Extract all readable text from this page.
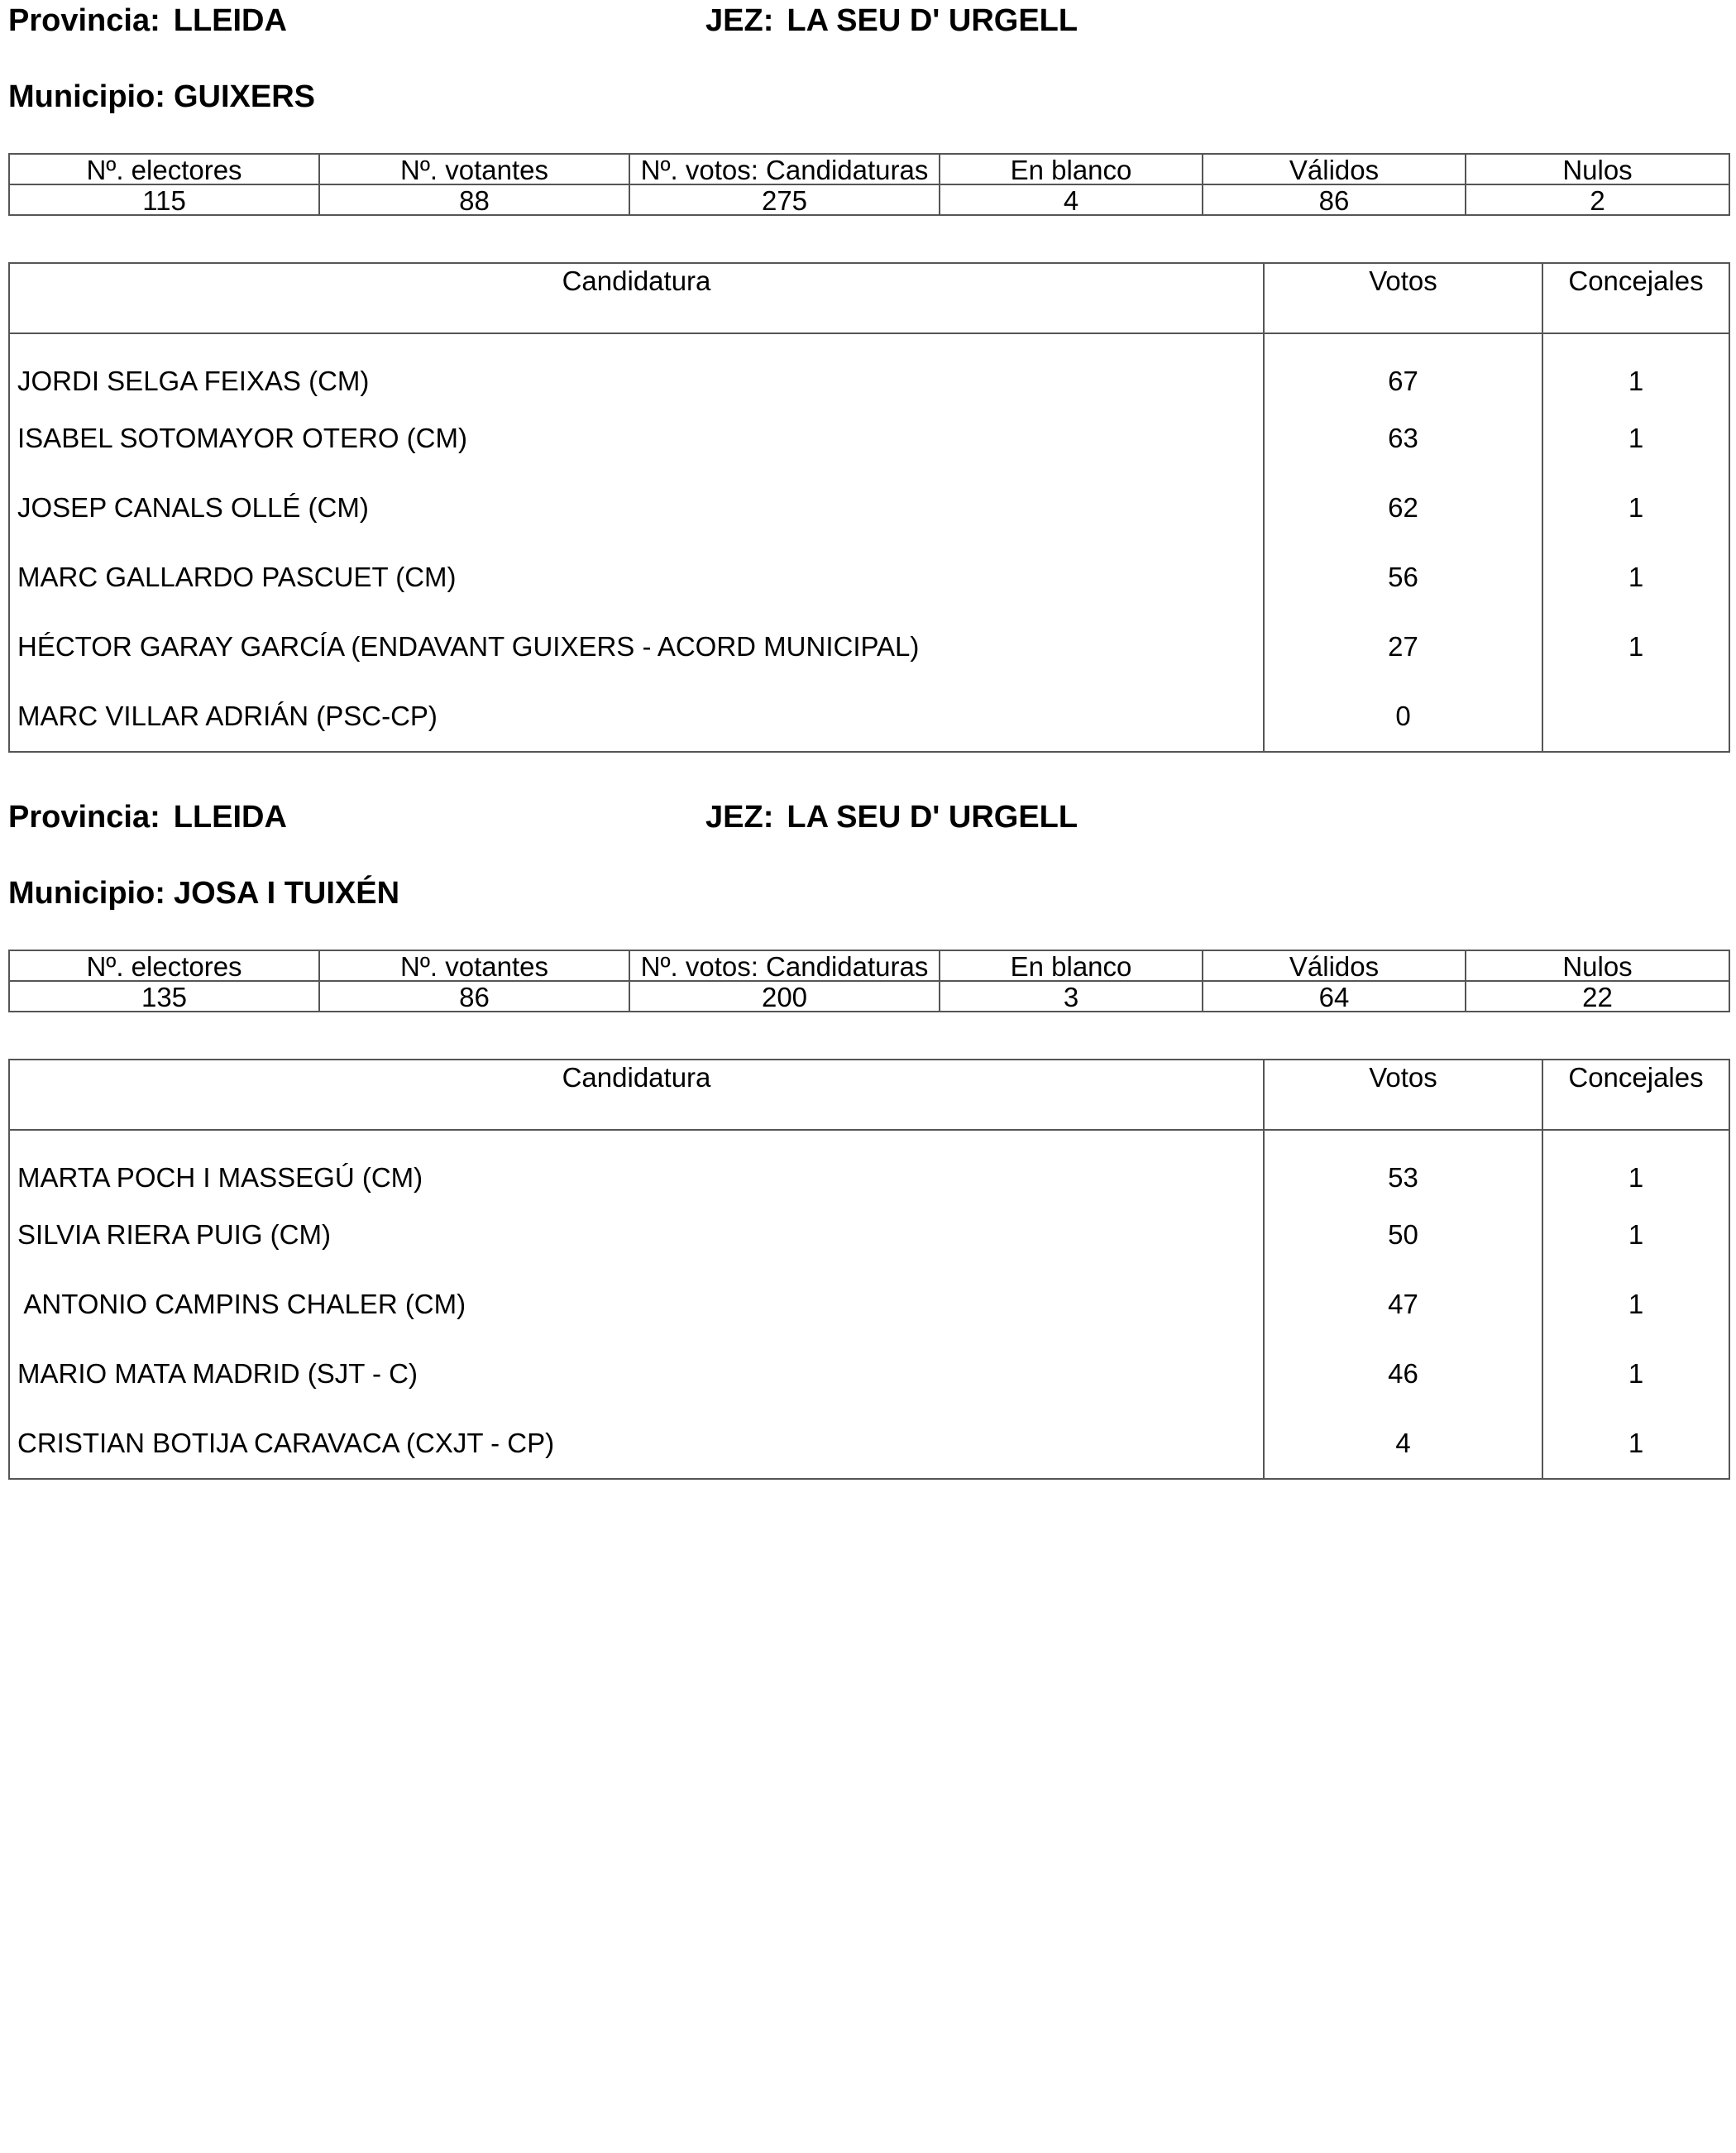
Provincia: LLEIDA	JEZ: LA SEU D' URGELL
Municipio: GUIXERS
Nº. electores	Nº. votantes	Nº. votos: Candidaturas	En blanco	Válidos	Nulos
115	88	275	4	86	2
Candidatura	Votos	Concejales
JORDI SELGA FEIXAS (CM)	67	1
ISABEL SOTOMAYOR OTERO (CM)	63	1
JOSEP CANALS OLLÉ (CM)	62	1
MARC GALLARDO PASCUET (CM)	56	1
HÉCTOR GARAY GARCÍA (ENDAVANT GUIXERS - ACORD MUNICIPAL)	27	1
MARC VILLAR ADRIÁN (PSC-CP)	0	
Provincia: LLEIDA	JEZ: LA SEU D' URGELL
Municipio: JOSA I TUIXÉN
Nº. electores	Nº. votantes	Nº. votos: Candidaturas	En blanco	Válidos	Nulos
135	86	200	3	64	22
Candidatura	Votos	Concejales
MARTA POCH I MASSEGÚ (CM)	53	1
SILVIA RIERA PUIG (CM)	50	1
ANTONIO CAMPINS CHALER (CM)	47	1
MARIO MATA MADRID (SJT - C)	46	1
CRISTIAN BOTIJA CARAVACA (CXJT - CP)	4	1
